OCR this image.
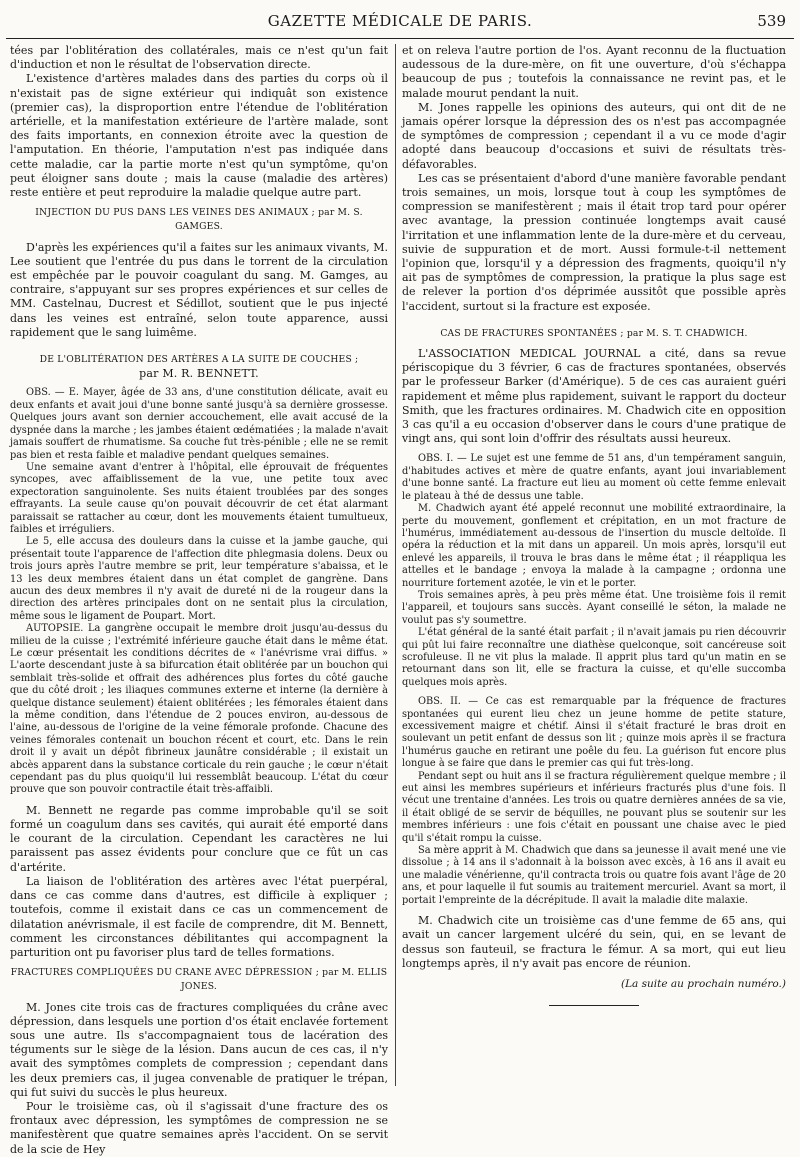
GAZETTE MÉDICALE DE PARIS.	539

tées par l'oblitération des collatérales, mais ce n'est qu'un fait d'induction et non le résultat de l'observation directe.

L'existence d'artères malades dans des parties du corps où il n'existait pas de signe extérieur qui indiquât son existence (premier cas), la disproportion entre l'étendue de l'oblitération artérielle, et la manifestation extérieure de l'artère malade, sont des faits importants, en connexion étroite avec la question de l'amputation. En théorie, l'amputation n'est pas indiquée dans cette maladie, car la partie morte n'est qu'un symptôme, qu'on peut éloigner sans doute ; mais la cause (maladie des artères) reste entière et peut reproduire la maladie quelque autre part.

INJECTION DU PUS DANS LES VEINES DES ANIMAUX ; par M. S. GAMGES.

D'après les expériences qu'il a faites sur les animaux vivants, M. Lee soutient que l'entrée du pus dans le torrent de la circulation est empêchée par le pouvoir coagulant du sang. M. Gamges, au contraire, s'appuyant sur ses propres expériences et sur celles de MM. Castelnau, Ducrest et Sédillot, soutient que le pus injecté dans les veines est entraîné, selon toute apparence, aussi rapidement que le sang luimême.

DE L'OBLITÉRATION DES ARTÈRES A LA SUITE DE COUCHES ;
par M. R. BENNETT.

OBS. — E. Mayer, âgée de 33 ans, d'une constitution délicate, avait eu deux enfants et avait joui d'une bonne santé jusqu'à sa dernière grossesse. Quelques jours avant son dernier accouchement, elle avait accusé de la dyspnée dans la marche ; les jambes étaient œdématiées ; la malade n'avait jamais souffert de rhumatisme. Sa couche fut très-pénible ; elle ne se remit pas bien et resta faible et maladive pendant quelques semaines.

Une semaine avant d'entrer à l'hôpital, elle éprouvait de fréquentes syncopes, avec affaiblissement de la vue, une petite toux avec expectoration sanguinolente. Ses nuits étaient troublées par des songes effrayants. La seule cause qu'on pouvait découvrir de cet état alarmant paraissait se rattacher au cœur, dont les mouvements étaient tumultueux, faibles et irréguliers.

Le 5, elle accusa des douleurs dans la cuisse et la jambe gauche, qui présentait toute l'apparence de l'affection dite phlegmasia dolens. Deux ou trois jours après l'autre membre se prit, leur température s'abaissa, et le 13 les deux membres étaient dans un état complet de gangrène. Dans aucun des deux membres il n'y avait de dureté ni de la rougeur dans la direction des artères principales dont on ne sentait plus la circulation, même sous le ligament de Poupart. Mort.

AUTOPSIE. La gangrène occupait le membre droit jusqu'au-dessus du milieu de la cuisse ; l'extrémité inférieure gauche était dans le même état. Le cœur présentait les conditions décrites de « l'anévrisme vrai diffus. » L'aorte descendant juste à sa bifurcation était oblitérée par un bouchon qui semblait très-solide et offrait des adhérences plus fortes du côté gauche que du côté droit ; les iliaques communes externe et interne (la dernière à quelque distance seulement) étaient oblitérées ; les fémorales étaient dans la même condition, dans l'étendue de 2 pouces environ, au-dessous de l'aine, au-dessous de l'origine de la veine fémorale profonde. Chacune des veines fémorales contenait un bouchon récent et court, etc. Dans le rein droit il y avait un dépôt fibrineux jaunâtre considérable ; il existait un abcès apparent dans la substance corticale du rein gauche ; le cœur n'était cependant pas du plus quoiqu'il lui ressemblât beaucoup. L'état du cœur prouve que son pouvoir contractile était très-affaibli.

M. Bennett ne regarde pas comme improbable qu'il se soit formé un coagulum dans ses cavités, qui aurait été emporté dans le courant de la circulation. Cependant les caractères ne lui paraissent pas assez évidents pour conclure que ce fût un cas d'artérite.

La liaison de l'oblitération des artères avec l'état puerpéral, dans ce cas comme dans d'autres, est difficile à expliquer ; toutefois, comme il existait dans ce cas un commencement de dilatation anévrismale, il est facile de comprendre, dit M. Bennett, comment les circonstances débilitantes qui accompagnent la parturition ont pu favoriser plus tard de telles formations.

FRACTURES COMPLIQUÉES DU CRANE AVEC DÉPRESSION ; par M. ELLIS JONES.

M. Jones cite trois cas de fractures compliquées du crâne avec dépression, dans lesquels une portion d'os était enclavée fortement sous une autre. Ils s'accompagnaient tous de lacération des téguments sur le siège de la lésion. Dans aucun de ces cas, il n'y avait des symptômes complets de compression ; cependant dans les deux premiers cas, il jugea convenable de pratiquer le trépan, qui fut suivi du succès le plus heureux.

Pour le troisième cas, où il s'agissait d'une fracture des os frontaux avec dépression, les symptômes de compression ne se manifestèrent que quatre semaines après l'accident. On se servit de la scie de Hey

et on releva l'autre portion de l'os. Ayant reconnu de la fluctuation audessous de la dure-mère, on fit une ouverture, d'où s'échappa beaucoup de pus ; toutefois la connaissance ne revint pas, et le malade mourut pendant la nuit.

M. Jones rappelle les opinions des auteurs, qui ont dit de ne jamais opérer lorsque la dépression des os n'est pas accompagnée de symptômes de compression ; cependant il a vu ce mode d'agir adopté dans beaucoup d'occasions et suivi de résultats très-défavorables.

Les cas se présentaient d'abord d'une manière favorable pendant trois semaines, un mois, lorsque tout à coup les symptômes de compression se manifestèrent ; mais il était trop tard pour opérer avec avantage, la pression continuée longtemps avait causé l'irritation et une inflammation lente de la dure-mère et du cerveau, suivie de suppuration et de mort. Aussi formule-t-il nettement l'opinion que, lorsqu'il y a dépression des fragments, quoiqu'il n'y ait pas de symptômes de compression, la pratique la plus sage est de relever la portion d'os déprimée aussitôt que possible après l'accident, surtout si la fracture est exposée.

CAS DE FRACTURES SPONTANÉES ; par M. S. T. CHADWICH.

L'ASSOCIATION MEDICAL JOURNAL a cité, dans sa revue périscopique du 3 février, 6 cas de fractures spontanées, observés par le professeur Barker (d'Amérique). 5 de ces cas auraient guéri rapidement et même plus rapidement, suivant le rapport du docteur Smith, que les fractures ordinaires. M. Chadwich cite en opposition 3 cas qu'il a eu occasion d'observer dans le cours d'une pratique de vingt ans, qui sont loin d'offrir des résultats aussi heureux.

OBS. I. — Le sujet est une femme de 51 ans, d'un tempérament sanguin, d'habitudes actives et mère de quatre enfants, ayant joui invariablement d'une bonne santé. La fracture eut lieu au moment où cette femme enlevait le plateau à thé de dessus une table.

M. Chadwich ayant été appelé reconnut une mobilité extraordinaire, la perte du mouvement, gonflement et crépitation, en un mot fracture de l'humérus, immédiatement au-dessous de l'insertion du muscle deltoïde. Il opéra la réduction et la mit dans un appareil. Un mois après, lorsqu'il eut enlevé les appareils, il trouva le bras dans le même état ; il réappliqua les attelles et le bandage ; envoya la malade à la campagne ; ordonna une nourriture fortement azotée, le vin et le porter.

Trois semaines après, à peu près même état. Une troisième fois il remit l'appareil, et toujours sans succès. Ayant conseillé le séton, la malade ne voulut pas s'y soumettre.

L'état général de la santé était parfait ; il n'avait jamais pu rien découvrir qui pût lui faire reconnaître une diathèse quelconque, soit cancéreuse soit scrofuleuse. Il ne vit plus la malade. Il apprit plus tard qu'un matin en se retournant dans son lit, elle se fractura la cuisse, et qu'elle succomba quelques mois après.

OBS. II. — Ce cas est remarquable par la fréquence de fractures spontanées qui eurent lieu chez un jeune homme de petite stature, excessivement maigre et chétif. Ainsi il s'était fracturé le bras droit en soulevant un petit enfant de dessus son lit ; quinze mois après il se fractura l'humérus gauche en retirant une poêle du feu. La guérison fut encore plus longue à se faire que dans le premier cas qui fut très-long.

Pendant sept ou huit ans il se fractura régulièrement quelque membre ; il eut ainsi les membres supérieurs et inférieurs fracturés plus d'une fois. Il vécut une trentaine d'années. Les trois ou quatre dernières années de sa vie, il était obligé de se servir de béquilles, ne pouvant plus se soutenir sur les membres inférieurs : une fois c'était en poussant une chaise avec le pied qu'il s'était rompu la cuisse.

Sa mère apprit à M. Chadwich que dans sa jeunesse il avait mené une vie dissolue ; à 14 ans il s'adonnait à la boisson avec excès, à 16 ans il avait eu une maladie vénérienne, qu'il contracta trois ou quatre fois avant l'âge de 20 ans, et pour laquelle il fut soumis au traitement mercuriel. Avant sa mort, il portait l'empreinte de la décrépitude. Il avait la maladie dite malaxie.

M. Chadwich cite un troisième cas d'une femme de 65 ans, qui avait un cancer largement ulcéré du sein, qui, en se levant de dessus son fauteuil, se fractura le fémur. A sa mort, qui eut lieu longtemps après, il n'y avait pas encore de réunion.

(La suite au prochain numéro.)
